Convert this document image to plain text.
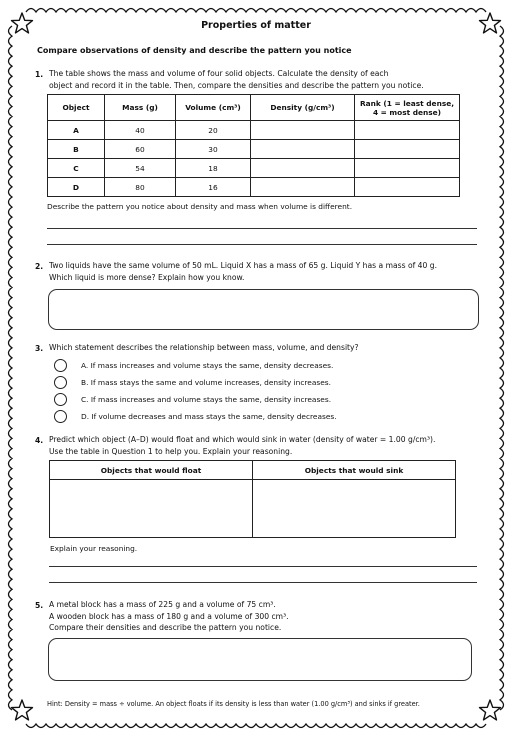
Properties of matter
Compare observations of density and describe the pattern you notice
1. The table shows the mass and volume of four solid objects. Calculate the density of each
object and record it in the table. Then, compare the densities and describe the pattern you notice.
Object	Mass (g)	Volume (cm³)	Density (g/cm³)	Rank (1 = least dense,
4 = most dense)

A	40	20		
B	60	30		
C	54	18		
D	80	16		
Describe the pattern you notice about density and mass when volume is different.
2. Two liquids have the same volume of 50 mL. Liquid X has a mass of 65 g. Liquid Y has a mass of 40 g.
Which liquid is more dense? Explain how you know.
3. Which statement describes the relationship between mass, volume, and density?
A. If mass increases and volume stays the same, density decreases.
B. If mass stays the same and volume increases, density increases.
C. If mass increases and volume stays the same, density increases.
D. If volume decreases and mass stays the same, density decreases.
4. Predict which object (A–D) would float and which would sink in water (density of water = 1.00 g/cm³).
Use the table in Question 1 to help you. Explain your reasoning.
Objects that would float	Objects that would sink

Explain your reasoning.
5. A metal block has a mass of 225 g and a volume of 75 cm³.
A wooden block has a mass of 180 g and a volume of 300 cm³.
Compare their densities and describe the pattern you notice.
Hint: Density = mass ÷ volume. An object floats if its density is less than water (1.00 g/cm³) and sinks if greater.
